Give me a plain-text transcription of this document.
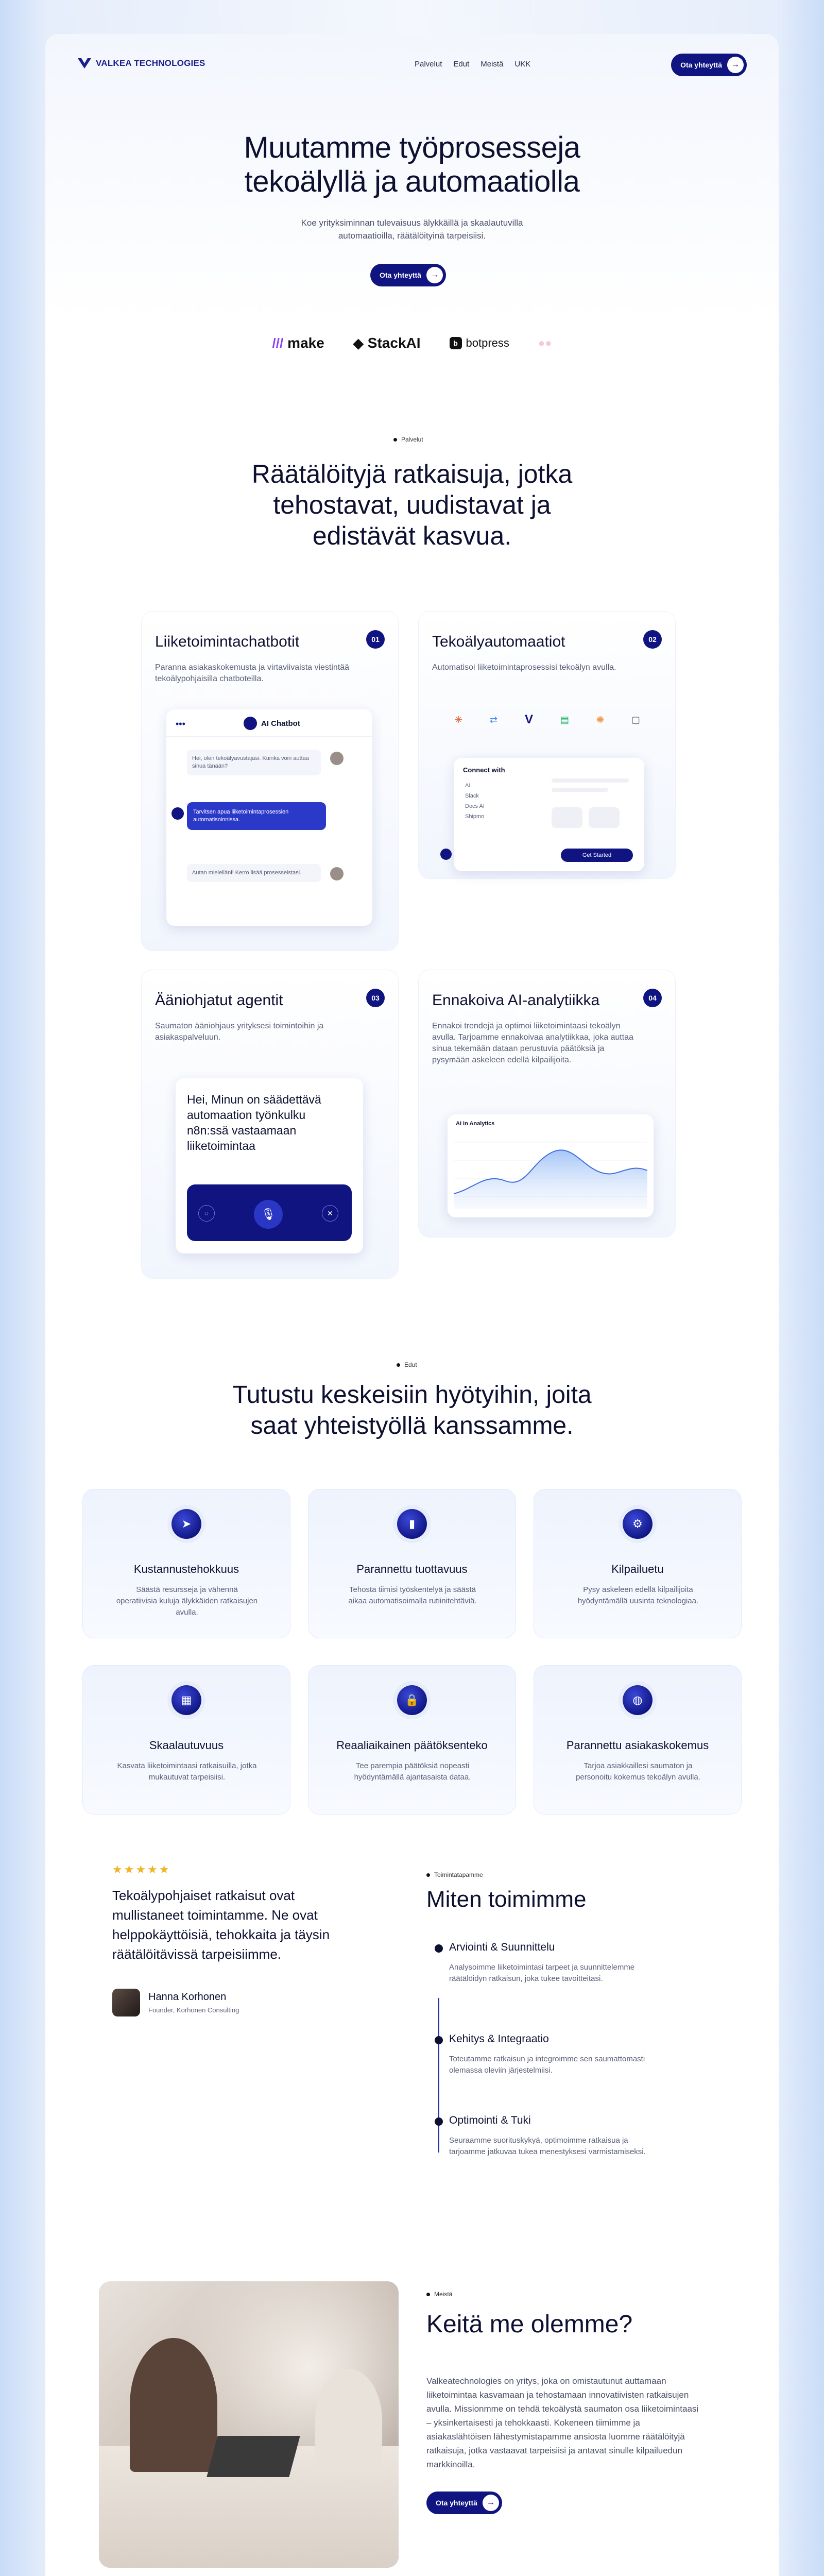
VALKEA TECHNOLOGIES	Palvelut Edut Meistä UKK	Ota yhteyttä	→
Muutamme työprosesseja
tekoälyllä ja automaatiolla
Koe yrityksiminnan tulevaisuus älykkäillä ja skaalautuvilla automaatioilla, räätälöityinä tarpeisiisi.
Ota yhteyttä	→
/// make ◆ StackAI	b botpress	●●
Palvelut
Räätälöityjä ratkaisuja, jotka
tehostavat, uudistavat ja
edistävät kasvua.
Liiketoimintachatbotit	01

Paranna asiakaskokemusta ja virtaviivaista viestintää tekoälypohjaisilla chatboteilla.

•••	AI Chatbot
Hei, olen tekoälyavustajasi. Kuinka voin auttaa sinua tänään?
Tarvitsen apua liiketoimintaprosessien automatisoinnissa.
Autan mielelläni! Kerro lisää prosesseistasi.
Tekoälyautomaatiot	02

Automatisoi liiketoimintaprosessisi tekoälyn avulla.

✳	⇄ V	▤	✺	▢
Connect with
AI
Slack
Docs AI
Shipmo
Get Started
Ääniohjatut agentit	03

Saumaton ääniohjaus yrityksesi toimintoihin ja asiakaspalveluun.

Hei, Minun on säädettävä automaation työnkulku n8n:ssä vastaamaan liiketoimintaa
◌	🎙	✕
Ennakoiva AI-analytiikka	04

Ennakoi trendejä ja optimoi liiketoimintaasi tekoälyn avulla. Tarjoamme ennakoivaa analytiikkaa, joka auttaa sinua tekemään dataan perustuvia päätöksiä ja pysymään askeleen edellä kilpailijoita.

AI in Analytics
Edut
Tutustu keskeisiin hyötyihin, joita
saat yhteistyöllä kanssamme.
➤
Kustannustehokkuus

Säästä resursseja ja vähennä operatiivisia kuluja älykkäiden ratkaisujen avulla.

▮
Parannettu tuottavuus

Tehosta tiimisi työskentelyä ja säästä aikaa automatisoimalla rutiinitehtäviä.

⚙
Kilpailuetu

Pysy askeleen edellä kilpailijoita hyödyntämällä uusinta teknologiaa.

▦
Skaalautuvuus

Kasvata liiketoimintaasi ratkaisuilla, jotka mukautuvat tarpeisiisi.

🔒
Reaaliaikainen päätöksenteko

Tee parempia päätöksiä nopeasti hyödyntämällä ajantasaista dataa.

◍
Parannettu asiakaskokemus

Tarjoa asiakkaillesi saumaton ja personoitu kokemus tekoälyn avulla.

★★★★★
Tekoälypohjaiset ratkaisut ovat mullistaneet toimintamme. Ne ovat helppokäyttöisiä, tehokkaita ja täysin räätälöitävissä tarpeisiimme.
Hanna Korhonen
Founder, Korhonen Consulting
Toimintatapamme
Miten toimimme
Arviointi & Suunnittelu

Analysoimme liiketoimintasi tarpeet ja suunnittelemme räätälöidyn ratkaisun, joka tukee tavoitteitasi.

Kehitys & Integraatio

Toteutamme ratkaisun ja integroimme sen saumattomasti olemassa oleviin järjestelmiisi.

Optimointi & Tuki

Seuraamme suorituskykyä, optimoimme ratkaisua ja tarjoamme jatkuvaa tukea menestyksesi varmistamiseksi.

Meistä
Keitä me olemme?
Valkeatechnologies on yritys, joka on omistautunut auttamaan liiketoimintaa kasvamaan ja tehostamaan innovatiivisten ratkaisujen avulla. Missionmme on tehdä tekoälystä saumaton osa liiketoimintaasi – yksinkertaisesti ja tehokkaasti. Kokenеen tiimimme ja asiakaslähtöisen lähestymistapamme ansiosta luomme räätälöityjä ratkaisuja, jotka vastaavat tarpeisiisi ja antavat sinulle kilpailuedun markkinoilla.
Ota yhteyttä	→
